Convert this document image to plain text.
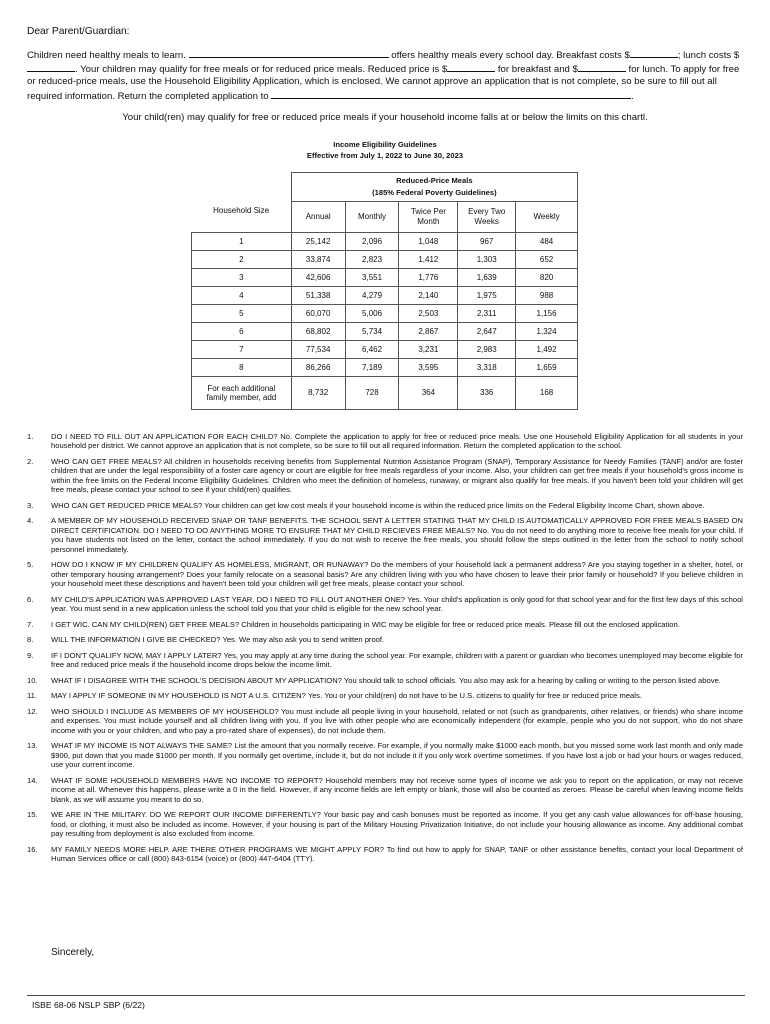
Dear Parent/Guardian:
Children need healthy meals to learn.	offers healthy meals every school day. Breakfast costs $	; lunch costs $. Your children may qualify for free meals or for reduced price meals. Reduced price is $	for breakfast and $	for lunch. To apply for free or reduced-price meals, use the Household Eligibility Application, which is enclosed. We cannot approve an application that is not complete, so be sure to fill out all required information. Return the completed application to	.
Your child(ren) may qualify for free or reduced price meals if your household income falls at or below the limits on this chartl.
Income Eligibility Guidelines
Effective from July 1, 2022 to June 30, 2023

	Reduced-Price Meals
(185% Federal Poverty Guidelines)				

Household Size	Annual	Monthly	Twice Per Month	Every Two Weeks	Weekly
1	25,142	2,096	1,048	967	484
2	33,874	2,823	1,412	1,303	652
3	42,606	3,551	1,776	1,639	820
4	51,338	4,279	2,140	1,975	988
5	60,070	5,006	2,503	2,311	1,156
6	68,802	5,734	2,867	2,647	1,324
7	77,534	6,462	3,231	2,983	1,492
8	86,266	7,189	3,595	3,318	1,659
For each additional family member, add	8,732	728	364	336	168
1.	DO I NEED TO FILL OUT AN APPLICATION FOR EACH CHILD? No. Complete the application to apply for free or reduced price meals. Use one Household Eligibility Application for all students in your household per district. We cannot approve an application that is not complete, so be sure to fill out all required information. Return the completed application to the school.
2.	WHO CAN GET FREE MEALS? All children in households receiving benefits from Supplemental Nutrition Assistance Program (SNAP), Temporary Assistance for Needy Families (TANF) and/or are foster children that are under the legal responsibility of a foster care agency or court are eligible for free meals regardless of your income. Also, your children can get free meals if your household's gross income is within the free limits on the Federal Income Eligibility Guidelines. Children who meet the definition of homeless, runaway, or migrant also qualify for free meals. If you haven't been told your children will get free meals, please contact your school to see if your child(ren) qualifies.
3.	WHO CAN GET REDUCED PRICE MEALS? Your children can get low cost meals if your household income is within the reduced price limits on the Federal Eligibility Income Chart, shown above.
4.	A MEMBER OF MY HOUSEHOLD RECEIVED SNAP OR TANF BENEFITS. THE SCHOOL SENT A LETTER STATING THAT MY CHILD IS AUTOMATICALLY APPROVED FOR FREE MEALS BASED ON DIRECT CERTIFICATION. DO I NEED TO DO ANYTHING MORE TO ENSURE THAT MY CHILD RECIEVES FREE MEALS? No. You do not need to do anything more to receive free meals for your child. If you have students not listed on the letter, contact the school immediately. If you do not wish to receive the free meals, you should follow the steps outlined in the letter from the school to notify school personnel immediately.
5.	HOW DO I KNOW IF MY CHILDREN QUALIFY AS HOMELESS, MIGRANT, OR RUNAWAY? Do the members of your household lack a permanent address? Are you staying together in a shelter, hotel, or other temporary housing arrangement? Does your family relocate on a seasonal basis? Are any children living with you who have chosen to leave their prior family or household? If you believe children in your household meet these descriptions and haven't been told your children will get free meals, please contact your school.
6.	MY CHILD'S APPLICATION WAS APPROVED LAST YEAR. DO I NEED TO FILL OUT ANOTHER ONE? Yes. Your child's application is only good for that school year and for the first few days of this school year. You must send in a new application unless the school told you that your child is eligible for the new school year.
7.	I GET WIC. CAN MY CHILD(REN) GET FREE MEALS? Children in households participating in WIC may be eligible for free or reduced price meals. Please fill out the enclosed application.
8.	WILL THE INFORMATION I GIVE BE CHECKED? Yes. We may also ask you to send written proof.
9.	IF I DON'T QUALIFY NOW, MAY I APPLY LATER? Yes, you may apply at any time during the school year. For example, children with a parent or guardian who becomes unemployed may become eligible for free and reduced price meals if the household income drops below the income limit.
10.	WHAT IF I DISAGREE WITH THE SCHOOL'S DECISION ABOUT MY APPLICATION? You should talk to school officials. You also may ask for a hearing by calling or writing to the person listed above.
11.	MAY I APPLY IF SOMEONE IN MY HOUSEHOLD IS NOT A U.S. CITIZEN? Yes. You or your child(ren) do not have to be U.S. citizens to qualify for free or reduced price meals.
12.	WHO SHOULD I INCLUDE AS MEMBERS OF MY HOUSEHOLD? You must include all people living in your household, related or not (such as grandparents, other relatives, or friends) who share income and expenses. You must include yourself and all children living with you. If you live with other people who are economically independent (for example, people who you do not support, who do not share income with you or your children, and who pay a pro-rated share of expenses), do not include them.
13.	WHAT IF MY INCOME IS NOT ALWAYS THE SAME? List the amount that you normally receive. For example, if you normally make $1000 each month, but you missed some work last month and only made $900, put down that you made $1000 per month. If you normally get overtime, include it, but do not include it if you only work overtime sometimes. If you have lost a job or had your hours or wages reduced, use your current income.
14.	WHAT IF SOME HOUSEHOLD MEMBERS HAVE NO INCOME TO REPORT? Household members may not receive some types of income we ask you to report on the application, or may not receive income at all. Whenever this happens, please write a 0 in the field. However, if any income fields are left empty or blank, those will also be counted as zeroes. Please be careful when leaving income fields blank, as we will assume you meant to do so.
15.	WE ARE IN THE MILITARY. DO WE REPORT OUR INCOME DIFFERENTLY? Your basic pay and cash bonuses must be reported as income. If you get any cash value allowances for off-base housing, food, or clothing, it must also be included as income. However, if your housing is part of the Military Housing Privatization Initiative, do not include your housing allowance as income. Any additional combat pay resulting from deployment is also excluded from income.
16.	MY FAMILY NEEDS MORE HELP. ARE THERE OTHER PROGRAMS WE MIGHT APPLY FOR? To find out how to apply for SNAP, TANF or other assistance benefits, contact your local Department of Human Services office or call (800) 843-6154 (voice) or (800) 447-6404 (TTY).
Sincerely,
ISBE 68-06 NSLP SBP (6/22)
